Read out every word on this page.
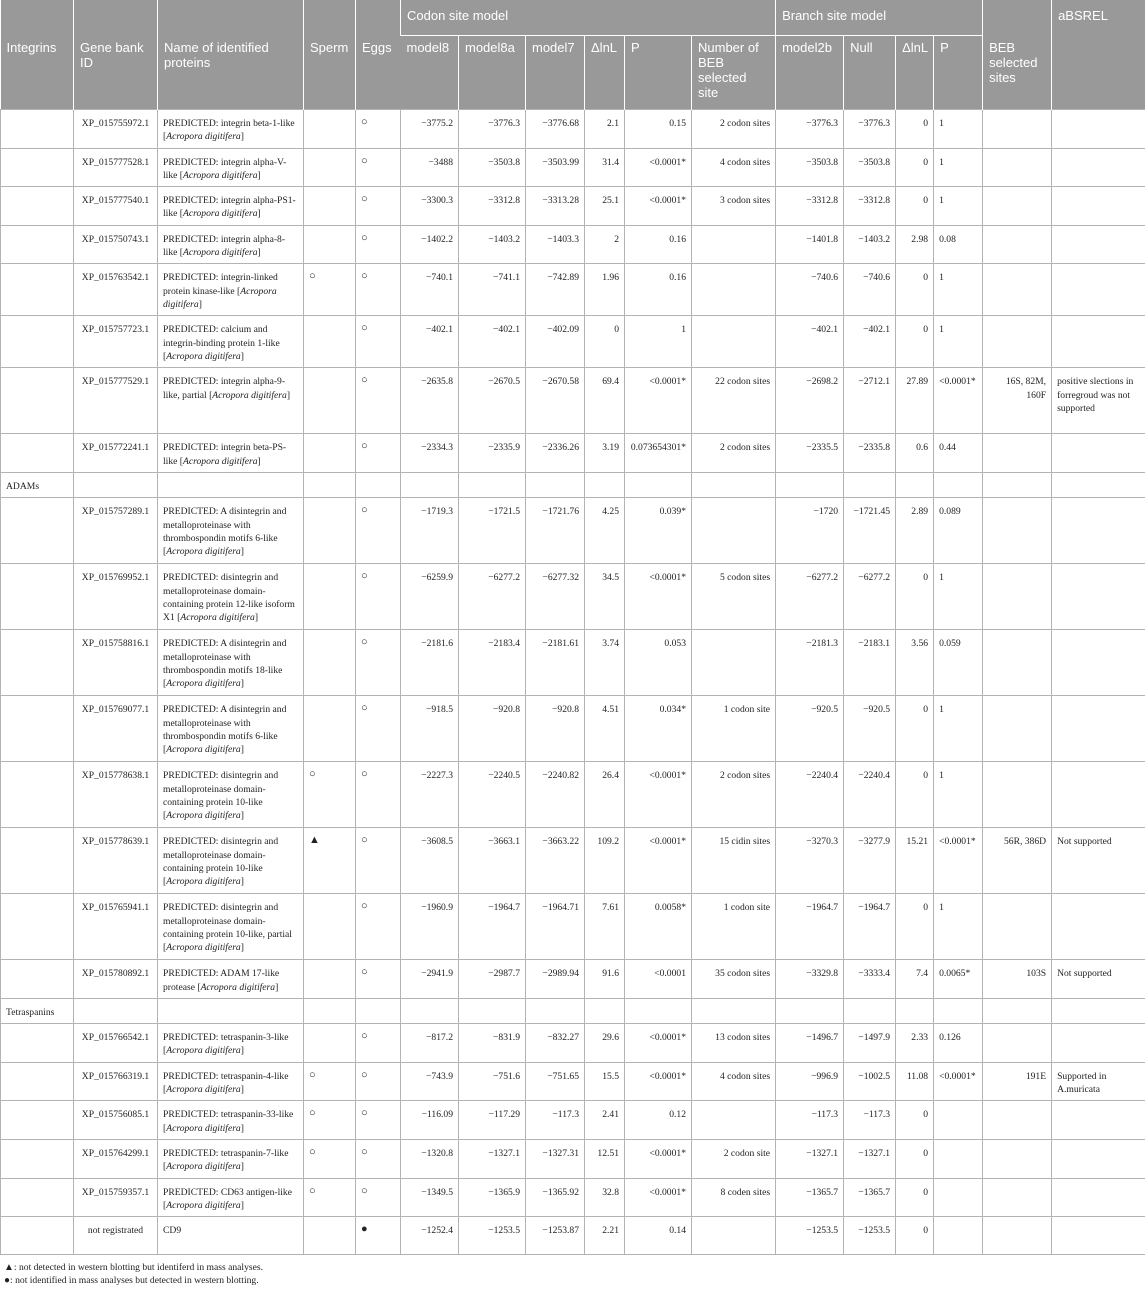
Integrins	Gene bank ID	Name of identified proteins	Sperm	Eggs	Codon site model						Branch site model				BEB selected sites	aBSREL
					model8	model8a	model7	ΔlnL	P	Number of BEB selected site	model2b	Null	ΔlnL	P		
	XP_015755972.1	PREDICTED: integrin beta-1-like [Acropora digitifera]		○	−3775.2	−3776.3	−3776.68	2.1	0.15	2 codon sites	−3776.3	−3776.3	0	1		
	XP_015777528.1	PREDICTED: integrin alpha-V-like [Acropora digitifera]		○	−3488	−3503.8	−3503.99	31.4	<0.0001*	4 codon sites	−3503.8	−3503.8	0	1		
	XP_015777540.1	PREDICTED: integrin alpha-PS1-like [Acropora digitifera]		○	−3300.3	−3312.8	−3313.28	25.1	<0.0001*	3 codon sites	−3312.8	−3312.8	0	1		
	XP_015750743.1	PREDICTED: integrin alpha-8-like [Acropora digitifera]		○	−1402.2	−1403.2	−1403.3	2	0.16		−1401.8	−1403.2	2.98	0.08		
	XP_015763542.1	PREDICTED: integrin-linked protein kinase-like [Acropora digitifera]	○	○	−740.1	−741.1	−742.89	1.96	0.16		−740.6	−740.6	0	1		
	XP_015757723.1	PREDICTED: calcium and integrin-binding protein 1-like [Acropora digitifera]		○	−402.1	−402.1	−402.09	0	1		−402.1	−402.1	0	1		
	XP_015777529.1	PREDICTED: integrin alpha-9-like, partial [Acropora digitifera]		○	−2635.8	−2670.5	−2670.58	69.4	<0.0001*	22 codon sites	−2698.2	−2712.1	27.89	<0.0001*	16S, 82M, 160F	positive slections in forregroud was not supported
	XP_015772241.1	PREDICTED: integrin beta-PS-like [Acropora digitifera]		○	−2334.3	−2335.9	−2336.26	3.19	0.073654301*	2 codon sites	−2335.5	−2335.8	0.6	0.44		
ADAMs																
	XP_015757289.1	PREDICTED: A disintegrin and metalloproteinase with thrombospondin motifs 6-like [Acropora digitifera]		○	−1719.3	−1721.5	−1721.76	4.25	0.039*		−1720	−1721.45	2.89	0.089		
	XP_015769952.1	PREDICTED: disintegrin and metalloproteinase domain-containing protein 12-like isoform X1 [Acropora digitifera]		○	−6259.9	−6277.2	−6277.32	34.5	<0.0001*	5 codon sites	−6277.2	−6277.2	0	1		
	XP_015758816.1	PREDICTED: A disintegrin and metalloproteinase with thrombospondin motifs 18-like [Acropora digitifera]		○	−2181.6	−2183.4	−2181.61	3.74	0.053		−2181.3	−2183.1	3.56	0.059		
	XP_015769077.1	PREDICTED: A disintegrin and metalloproteinase with thrombospondin motifs 6-like [Acropora digitifera]		○	−918.5	−920.8	−920.8	4.51	0.034*	1 codon site	−920.5	−920.5	0	1		
	XP_015778638.1	PREDICTED: disintegrin and metalloproteinase domain-containing protein 10-like [Acropora digitifera]	○	○	−2227.3	−2240.5	−2240.82	26.4	<0.0001*	2 codon sites	−2240.4	−2240.4	0	1		
	XP_015778639.1	PREDICTED: disintegrin and metalloproteinase domain-containing protein 10-like [Acropora digitifera]	▲	○	−3608.5	−3663.1	−3663.22	109.2	<0.0001*	15 cidin sites	−3270.3	−3277.9	15.21	<0.0001*	56R, 386D	Not supported
	XP_015765941.1	PREDICTED: disintegrin and metalloproteinase domain-containing protein 10-like, partial [Acropora digitifera]		○	−1960.9	−1964.7	−1964.71	7.61	0.0058*	1 codon site	−1964.7	−1964.7	0	1		
	XP_015780892.1	PREDICTED: ADAM 17-like protease [Acropora digitifera]		○	−2941.9	−2987.7	−2989.94	91.6	<0.0001	35 codon sites	−3329.8	−3333.4	7.4	0.0065*	103S	Not supported
Tetraspanins																
	XP_015766542.1	PREDICTED: tetraspanin-3-like [Acropora digitifera]		○	−817.2	−831.9	−832.27	29.6	<0.0001*	13 codon sites	−1496.7	−1497.9	2.33	0.126		
	XP_015766319.1	PREDICTED: tetraspanin-4-like [Acropora digitifera]	○	○	−743.9	−751.6	−751.65	15.5	<0.0001*	4 codon sites	−996.9	−1002.5	11.08	<0.0001*	191E	Supported in A.muricata
	XP_015756085.1	PREDICTED: tetraspanin-33-like [Acropora digitifera]	○	○	−116.09	−117.29	−117.3	2.41	0.12		−117.3	−117.3	0			
	XP_015764299.1	PREDICTED: tetraspanin-7-like [Acropora digitifera]	○	○	−1320.8	−1327.1	−1327.31	12.51	<0.0001*	2 codon site	−1327.1	−1327.1	0			
	XP_015759357.1	PREDICTED: CD63 antigen-like [Acropora digitifera]	○	○	−1349.5	−1365.9	−1365.92	32.8	<0.0001*	8 coden sites	−1365.7	−1365.7	0			
	not registrated	CD9		●	−1252.4	−1253.5	−1253.87	2.21	0.14		−1253.5	−1253.5	0			
▲: not detected in western blotting but identiferd in mass analyses.
●: not identified in mass analyses but detected in western blotting.
